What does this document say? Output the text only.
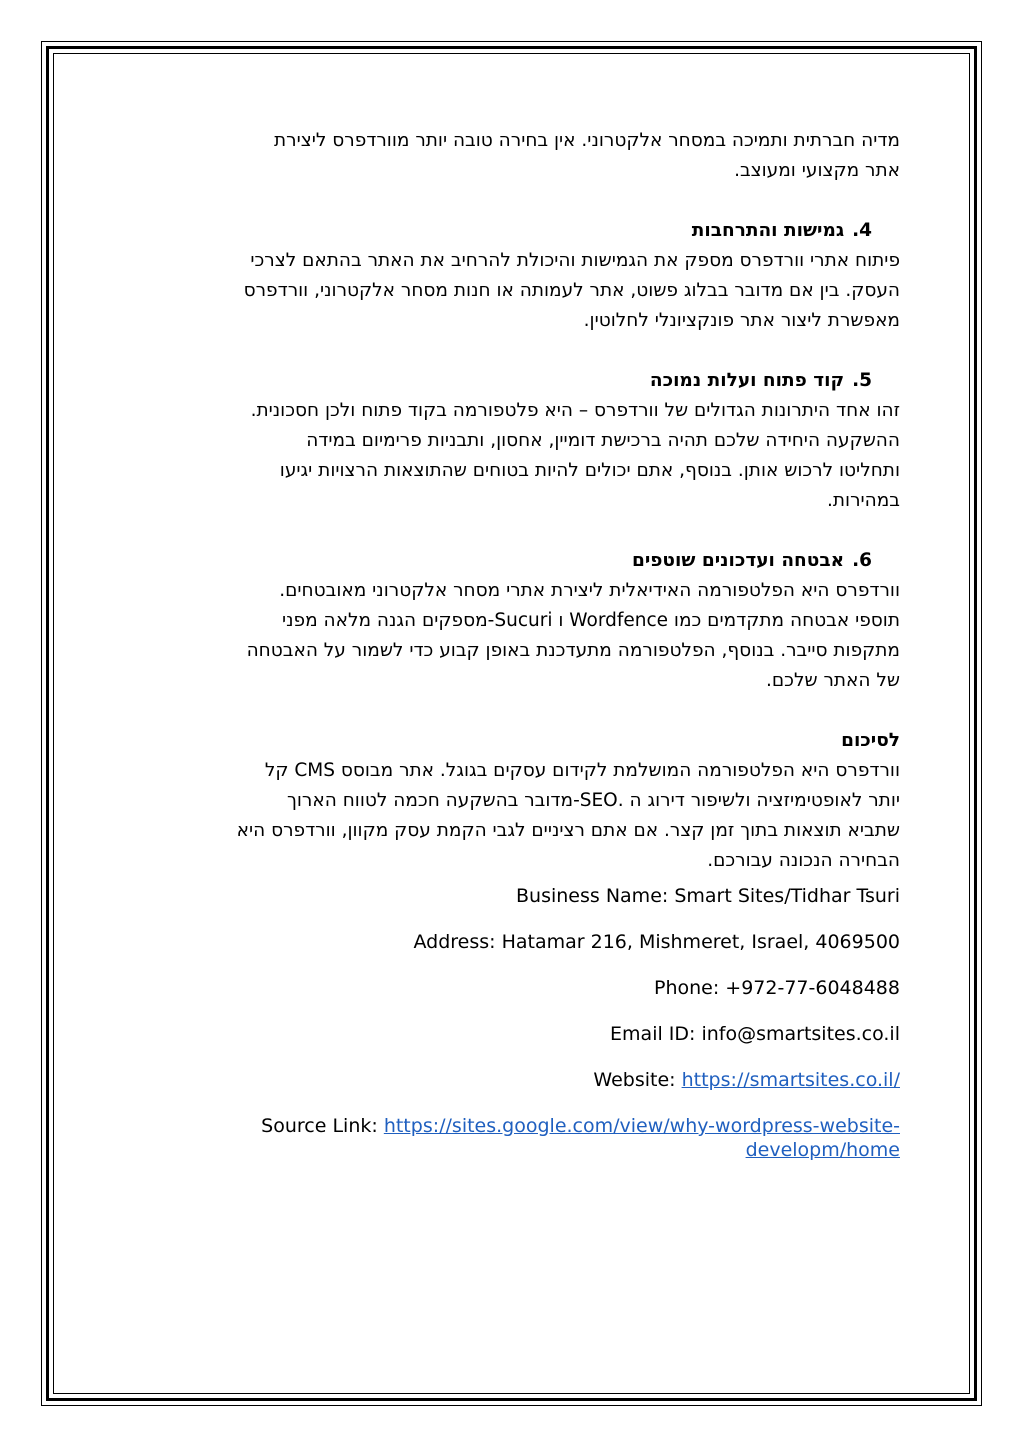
מדיה חברתית ותמיכה במסחר אלקטרוני. אין בחירה טובה יותר מוורדפרס ליצירת

אתר מקצועי ומעוצב.

4.גמישות והתרחבות

פיתוח אתרי וורדפרס מספק את הגמישות והיכולת להרחיב את האתר בהתאם לצרכי

העסק. בין אם מדובר בבלוג פשוט, אתר לעמותה או חנות מסחר אלקטרוני, וורדפרס

מאפשרת ליצור אתר פונקציונלי לחלוטין.

5.קוד פתוח ועלות נמוכה

זהו אחד היתרונות הגדולים של וורדפרס – היא פלטפורמה בקוד פתוח ולכן חסכונית.

ההשקעה היחידה שלכם תהיה ברכישת דומיין, אחסון, ותבניות פרימיום במידה

ותחליטו לרכוש אותן. בנוסף, אתם יכולים להיות בטוחים שהתוצאות הרצויות יגיעו

במהירות.

6.אבטחה ועדכונים שוטפים

וורדפרס היא הפלטפורמה האידיאלית ליצירת אתרי מסחר אלקטרוני מאובטחים.

תוספי אבטחה מתקדמים כמו Wordfence ו Sucuri-מספקים הגנה מלאה מפני

מתקפות סייבר. בנוסף, הפלטפורמה מתעדכנת באופן קבוע כדי לשמור על האבטחה

של האתר שלכם.

לסיכום

וורדפרס היא הפלטפורמה המושלמת לקידום עסקים בגוגל. אתר מבוסס CMS קל

יותר לאופטימיזציה ולשיפור דירוג ה .SEO-מדובר בהשקעה חכמה לטווח הארוך

שתביא תוצאות בתוך זמן קצר. אם אתם רציניים לגבי הקמת עסק מקוון, וורדפרס היא

הבחירה הנכונה עבורכם.

Business Name: Smart Sites/Tidhar Tsuri

Address: Hatamar 216, Mishmeret, Israel, 4069500

Phone: +972-77-6048488

Email ID: info@smartsites.co.il

Website: https://smartsites.co.il/

Source Link: https://sites.google.com/view/why-wordpress-website-developm/home
